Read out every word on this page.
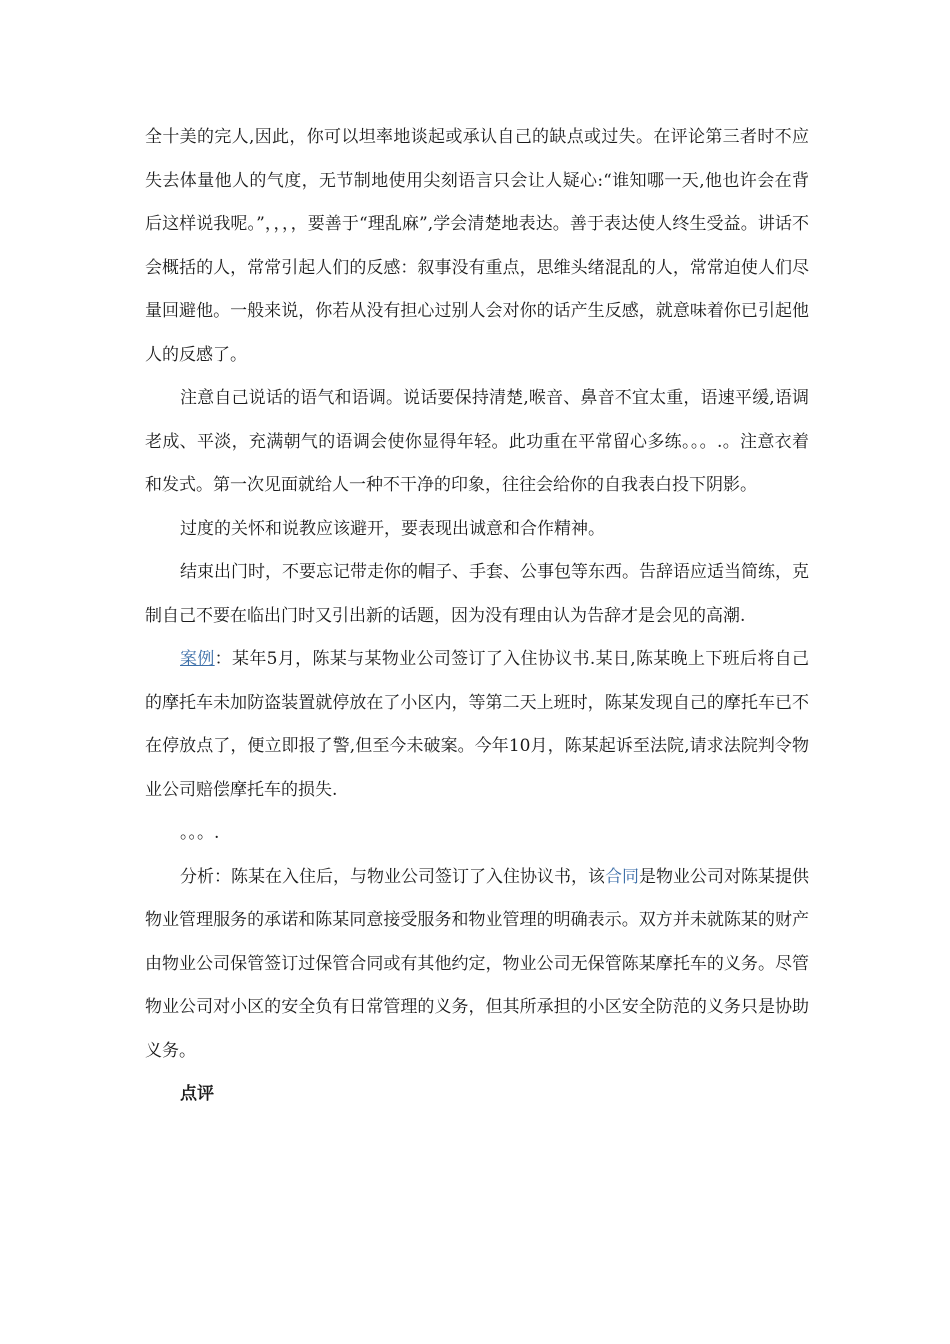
全十美的完人,因此，你可以坦率地谈起或承认自己的缺点或过失。在评论第三者时不应失去体量他人的气度，无节制地使用尖刻语言只会让人疑心:“谁知哪一天,他也许会在背后这样说我呢。”，，，，要善于“理乱麻”,学会清楚地表达。善于表达使人终生受益。讲话不会概括的人，常常引起人们的反感：叙事没有重点，思维头绪混乱的人，常常迫使人们尽量回避他。一般来说，你若从没有担心过别人会对你的话产生反感，就意味着你已引起他人的反感了。

注意自己说话的语气和语调。说话要保持清楚,喉音、鼻音不宜太重，语速平缓,语调老成、平淡，充满朝气的语调会使你显得年轻。此功重在平常留心多练。。。.。注意衣着和发式。第一次见面就给人一种不干净的印象，往往会给你的自我表白投下阴影。

过度的关怀和说教应该避开，要表现出诚意和合作精神。

结束出门时，不要忘记带走你的帽子、手套、公事包等东西。告辞语应适当简练，克制自己不要在临出门时又引出新的话题，因为没有理由认为告辞才是会见的高潮.

案例：某年5月，陈某与某物业公司签订了入住协议书.某日,陈某晚上下班后将自己的摩托车未加防盗装置就停放在了小区内，等第二天上班时，陈某发现自己的摩托车已不在停放点了，便立即报了警,但至今未破案。今年10月，陈某起诉至法院,请求法院判令物业公司赔偿摩托车的损失.

。。。.

分析：陈某在入住后，与物业公司签订了入住协议书，该合同是物业公司对陈某提供物业管理服务的承诺和陈某同意接受服务和物业管理的明确表示。双方并未就陈某的财产由物业公司保管签订过保管合同或有其他约定，物业公司无保管陈某摩托车的义务。尽管物业公司对小区的安全负有日常管理的义务，但其所承担的小区安全防范的义务只是协助义务。

点评
